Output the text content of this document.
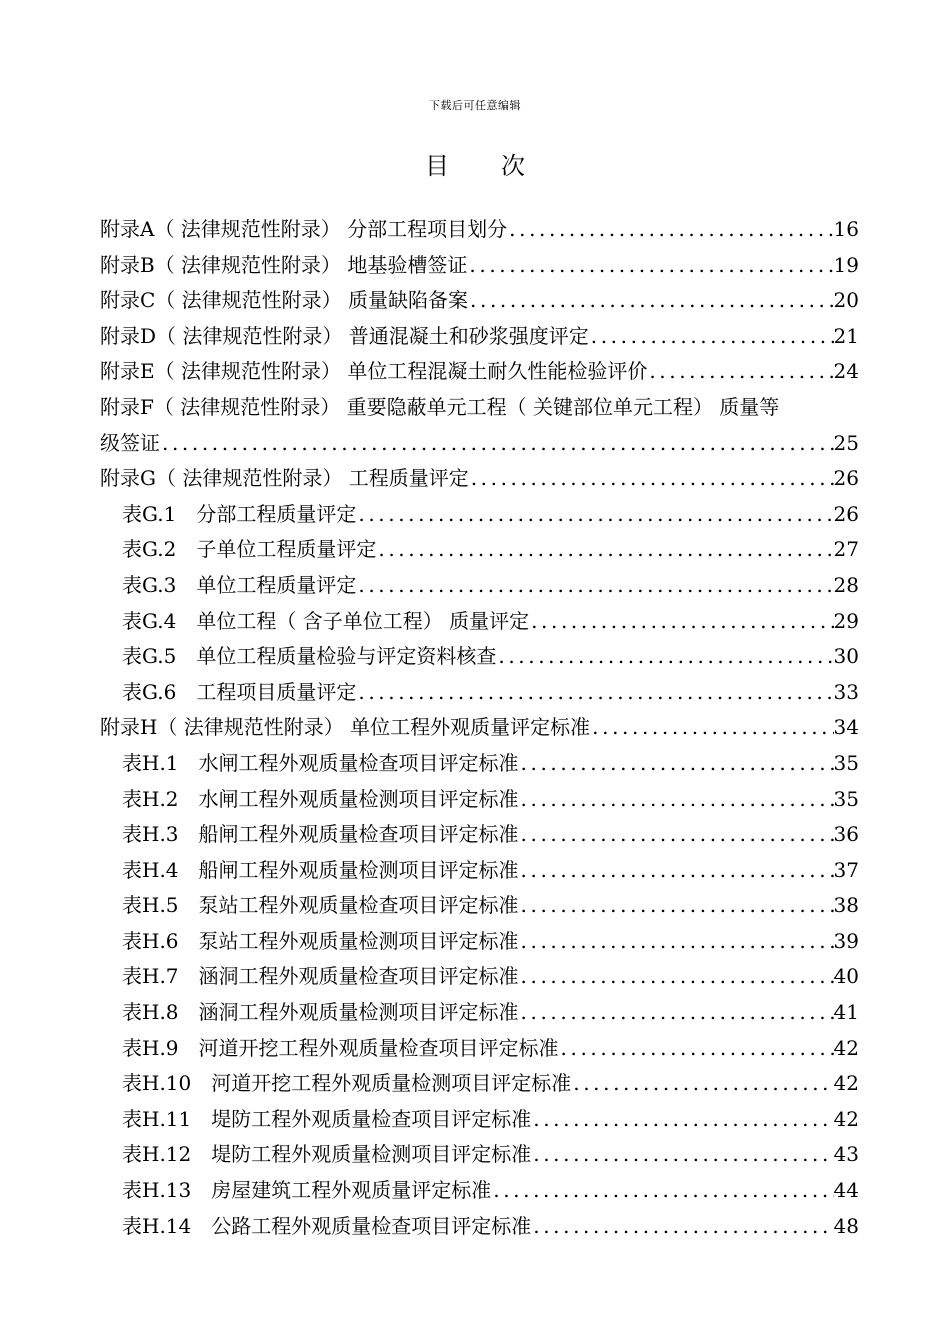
下载后可任意编辑
目 次
附录A（ 法律规范性附录） 分部工程项目划分 .....	16
附录B（ 法律规范性附录） 地基验槽签证 .....	19
附录C（ 法律规范性附录） 质量缺陷备案 .....	20
附录D（ 法律规范性附录） 普通混凝土和砂浆强度评定 .....	21
附录E（ 法律规范性附录） 单位工程混凝土耐久性能检验评价 .....	24
附录F（ 法律规范性附录） 重要隐蔽单元工程（ 关键部位单元工程） 质量等
级签证 .....	25
附录G（ 法律规范性附录） 工程质量评定 .....	26
表G.1 分部工程质量评定 .....	26
表G.2 子单位工程质量评定 .....	27
表G.3 单位工程质量评定 .....	28
表G.4 单位工程（ 含子单位工程） 质量评定 .....	29
表G.5 单位工程质量检验与评定资料核查 .....	30
表G.6 工程项目质量评定 .....	33
附录H（ 法律规范性附录） 单位工程外观质量评定标准 .....	34
表H.1 水闸工程外观质量检查项目评定标准 .....	35
表H.2 水闸工程外观质量检测项目评定标准 .....	35
表H.3 船闸工程外观质量检查项目评定标准 .....	36
表H.4 船闸工程外观质量检测项目评定标准 .....	37
表H.5 泵站工程外观质量检查项目评定标准 .....	38
表H.6 泵站工程外观质量检测项目评定标准 .....	39
表H.7 涵洞工程外观质量检查项目评定标准 .....	40
表H.8 涵洞工程外观质量检测项目评定标准 .....	41
表H.9 河道开挖工程外观质量检查项目评定标准 .....	42
表H.10 河道开挖工程外观质量检测项目评定标准 .....	42
表H.11 堤防工程外观质量检查项目评定标准 .....	42
表H.12 堤防工程外观质量检测项目评定标准 .....	43
表H.13 房屋建筑工程外观质量评定标准 .....	44
表H.14 公路工程外观质量检查项目评定标准 .....	48
